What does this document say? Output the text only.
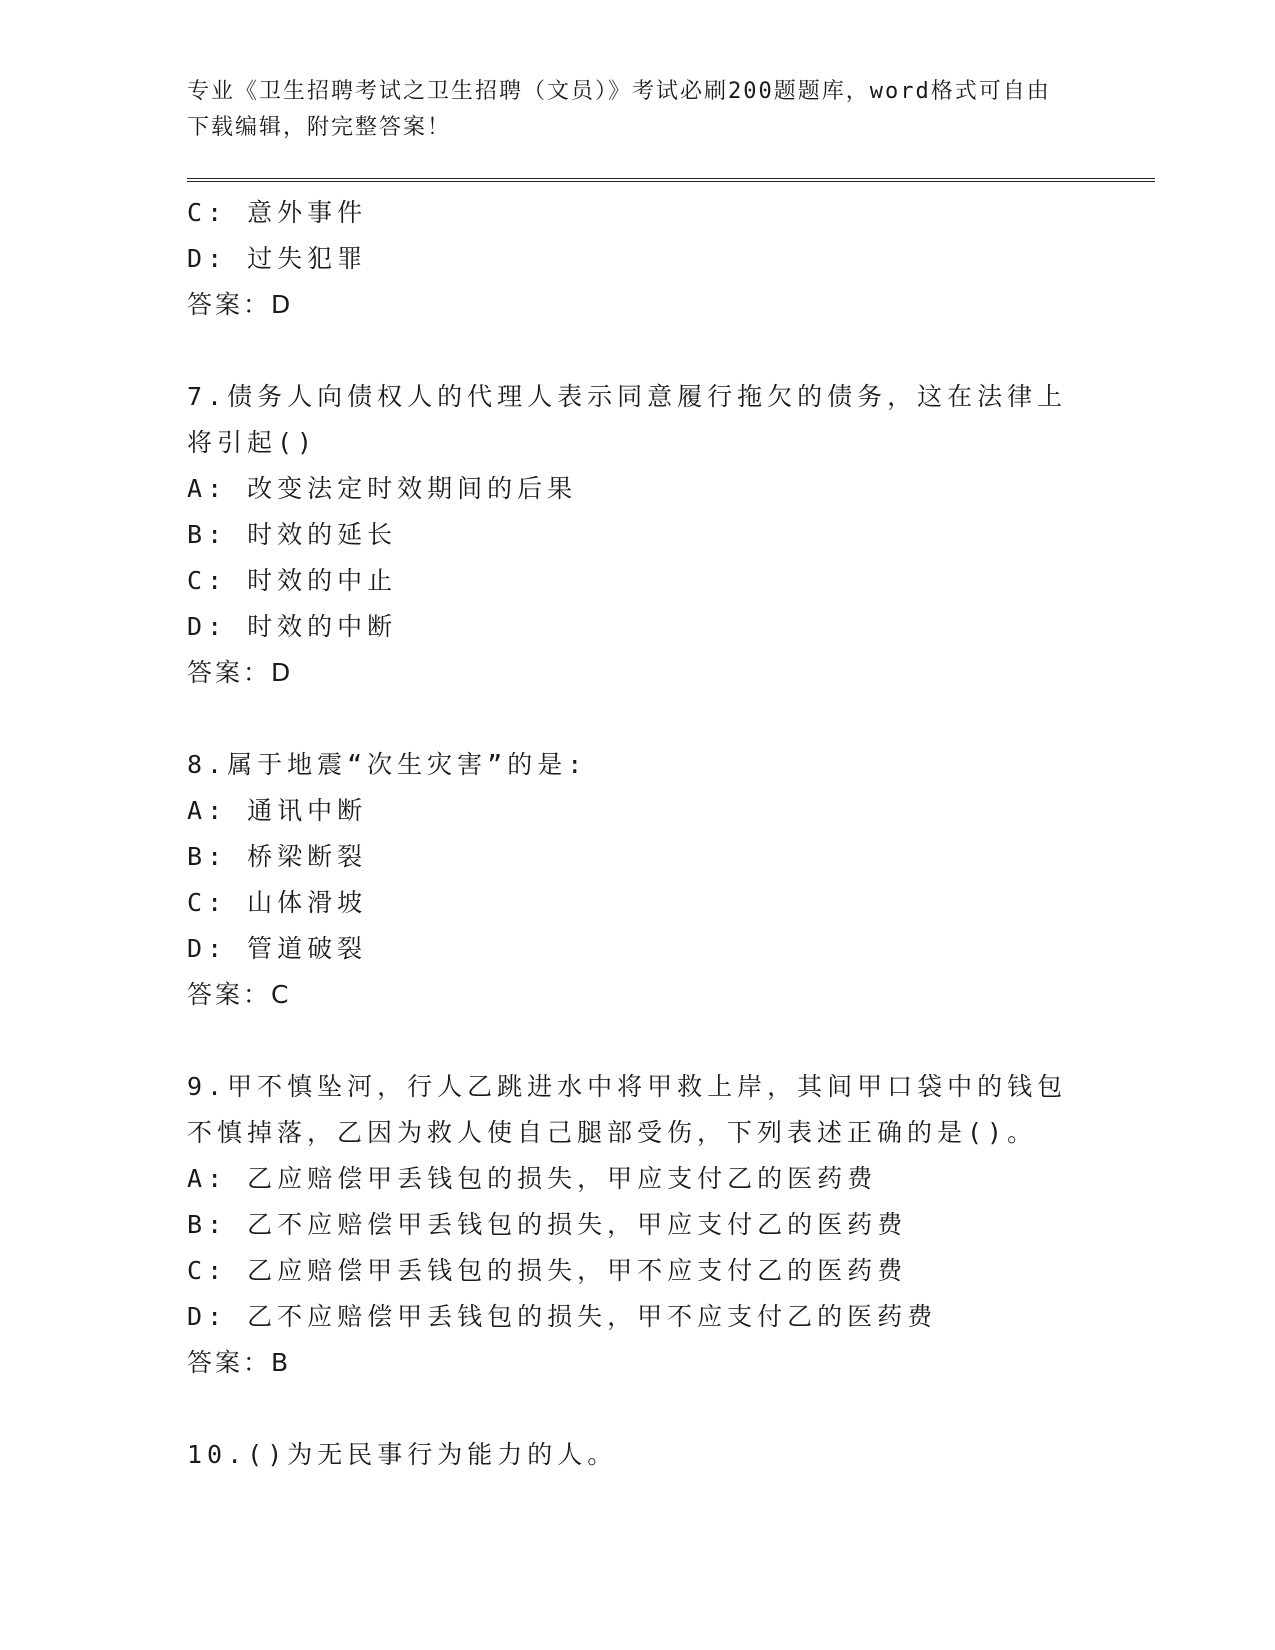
专业《卫生招聘考试之卫生招聘（文员）》考试必刷200题题库，word格式可自由下载编辑，附完整答案！
C: 意外事件
D: 过失犯罪
答案：D
7.债务人向债权人的代理人表示同意履行拖欠的债务，这在法律上将引起()
A: 改变法定时效期间的后果
B: 时效的延长
C: 时效的中止
D: 时效的中断
答案：D
8.属于地震“次生灾害”的是:
A: 通讯中断
B: 桥梁断裂
C: 山体滑坡
D: 管道破裂
答案：C
9.甲不慎坠河，行人乙跳进水中将甲救上岸，其间甲口袋中的钱包不慎掉落，乙因为救人使自己腿部受伤，下列表述正确的是()。
A: 乙应赔偿甲丢钱包的损失，甲应支付乙的医药费
B: 乙不应赔偿甲丢钱包的损失，甲应支付乙的医药费
C: 乙应赔偿甲丢钱包的损失，甲不应支付乙的医药费
D: 乙不应赔偿甲丢钱包的损失，甲不应支付乙的医药费
答案：B
10.()为无民事行为能力的人。
